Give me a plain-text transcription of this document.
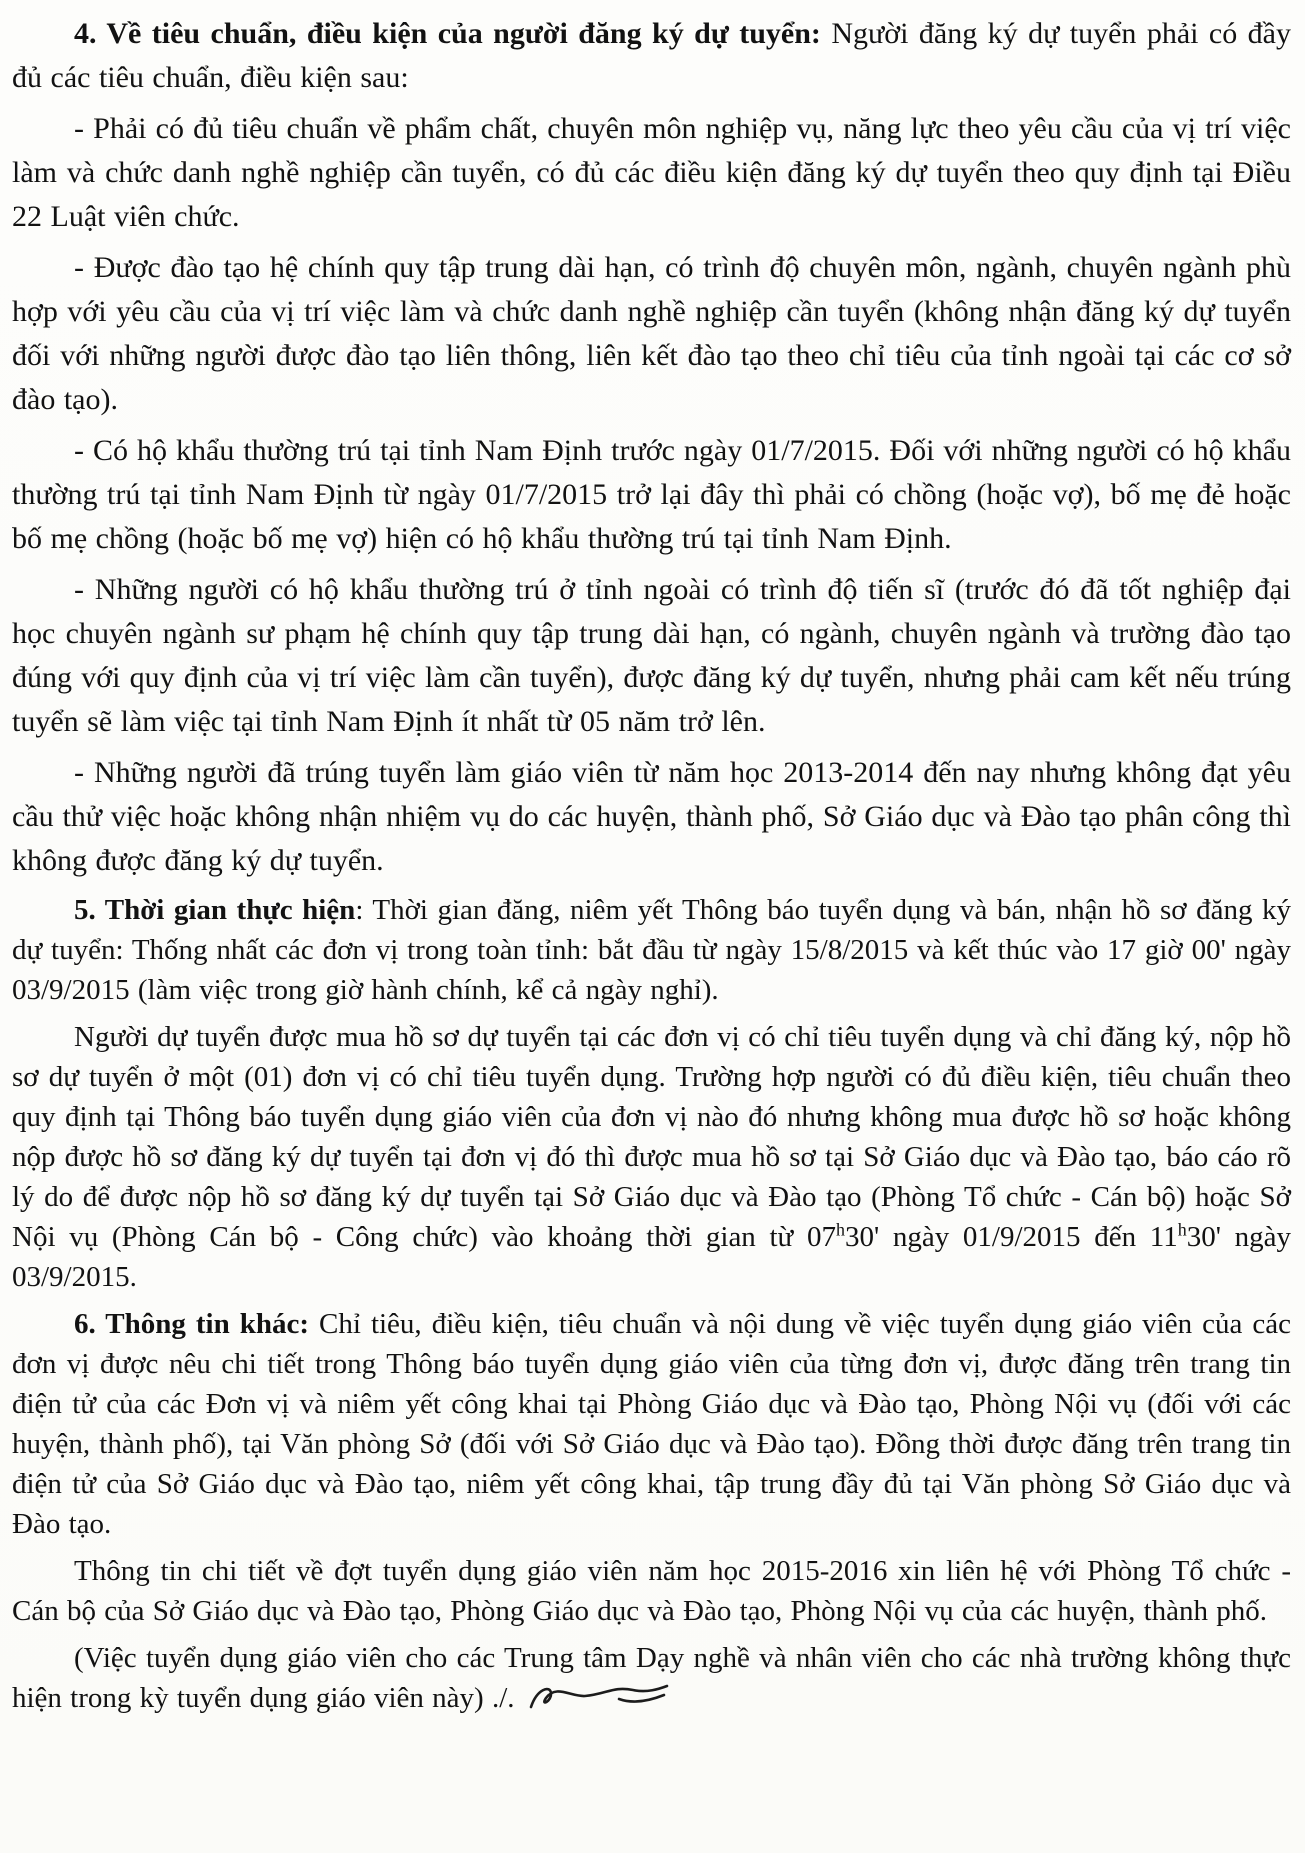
4. Về tiêu chuẩn, điều kiện của người đăng ký dự tuyển: Người đăng ký dự tuyển phải có đầy đủ các tiêu chuẩn, điều kiện sau:

- Phải có đủ tiêu chuẩn về phẩm chất, chuyên môn nghiệp vụ, năng lực theo yêu cầu của vị trí việc làm và chức danh nghề nghiệp cần tuyển, có đủ các điều kiện đăng ký dự tuyển theo quy định tại Điều 22 Luật viên chức.

- Được đào tạo hệ chính quy tập trung dài hạn, có trình độ chuyên môn, ngành, chuyên ngành phù hợp với yêu cầu của vị trí việc làm và chức danh nghề nghiệp cần tuyển (không nhận đăng ký dự tuyển đối với những người được đào tạo liên thông, liên kết đào tạo theo chỉ tiêu của tỉnh ngoài tại các cơ sở đào tạo).

- Có hộ khẩu thường trú tại tỉnh Nam Định trước ngày 01/7/2015. Đối với những người có hộ khẩu thường trú tại tỉnh Nam Định từ ngày 01/7/2015 trở lại đây thì phải có chồng (hoặc vợ), bố mẹ đẻ hoặc bố mẹ chồng (hoặc bố mẹ vợ) hiện có hộ khẩu thường trú tại tỉnh Nam Định.

- Những người có hộ khẩu thường trú ở tỉnh ngoài có trình độ tiến sĩ (trước đó đã tốt nghiệp đại học chuyên ngành sư phạm hệ chính quy tập trung dài hạn, có ngành, chuyên ngành và trường đào tạo đúng với quy định của vị trí việc làm cần tuyển), được đăng ký dự tuyển, nhưng phải cam kết nếu trúng tuyển sẽ làm việc tại tỉnh Nam Định ít nhất từ 05 năm trở lên.

- Những người đã trúng tuyển làm giáo viên từ năm học 2013-2014 đến nay nhưng không đạt yêu cầu thử việc hoặc không nhận nhiệm vụ do các huyện, thành phố, Sở Giáo dục và Đào tạo phân công thì không được đăng ký dự tuyển.

5. Thời gian thực hiện: Thời gian đăng, niêm yết Thông báo tuyển dụng và bán, nhận hồ sơ đăng ký dự tuyển: Thống nhất các đơn vị trong toàn tỉnh: bắt đầu từ ngày 15/8/2015 và kết thúc vào 17 giờ 00' ngày 03/9/2015 (làm việc trong giờ hành chính, kể cả ngày nghỉ).

Người dự tuyển được mua hồ sơ dự tuyển tại các đơn vị có chỉ tiêu tuyển dụng và chỉ đăng ký, nộp hồ sơ dự tuyển ở một (01) đơn vị có chỉ tiêu tuyển dụng. Trường hợp người có đủ điều kiện, tiêu chuẩn theo quy định tại Thông báo tuyển dụng giáo viên của đơn vị nào đó nhưng không mua được hồ sơ hoặc không nộp được hồ sơ đăng ký dự tuyển tại đơn vị đó thì được mua hồ sơ tại Sở Giáo dục và Đào tạo, báo cáo rõ lý do để được nộp hồ sơ đăng ký dự tuyển tại Sở Giáo dục và Đào tạo (Phòng Tổ chức - Cán bộ) hoặc Sở Nội vụ (Phòng Cán bộ - Công chức) vào khoảng thời gian từ 07$^h$30' ngày 01/9/2015 đến 11$^h$30' ngày 03/9/2015.

6. Thông tin khác: Chỉ tiêu, điều kiện, tiêu chuẩn và nội dung về việc tuyển dụng giáo viên của các đơn vị được nêu chi tiết trong Thông báo tuyển dụng giáo viên của từng đơn vị, được đăng trên trang tin điện tử của các Đơn vị và niêm yết công khai tại Phòng Giáo dục và Đào tạo, Phòng Nội vụ (đối với các huyện, thành phố), tại Văn phòng Sở (đối với Sở Giáo dục và Đào tạo). Đồng thời được đăng trên trang tin điện tử của Sở Giáo dục và Đào tạo, niêm yết công khai, tập trung đầy đủ tại Văn phòng Sở Giáo dục và Đào tạo.

Thông tin chi tiết về đợt tuyển dụng giáo viên năm học 2015-2016 xin liên hệ với Phòng Tổ chức - Cán bộ của Sở Giáo dục và Đào tạo, Phòng Giáo dục và Đào tạo, Phòng Nội vụ của các huyện, thành phố.

(Việc tuyển dụng giáo viên cho các Trung tâm Dạy nghề và nhân viên cho các nhà trường không thực hiện trong kỳ tuyển dụng giáo viên này) ./.
